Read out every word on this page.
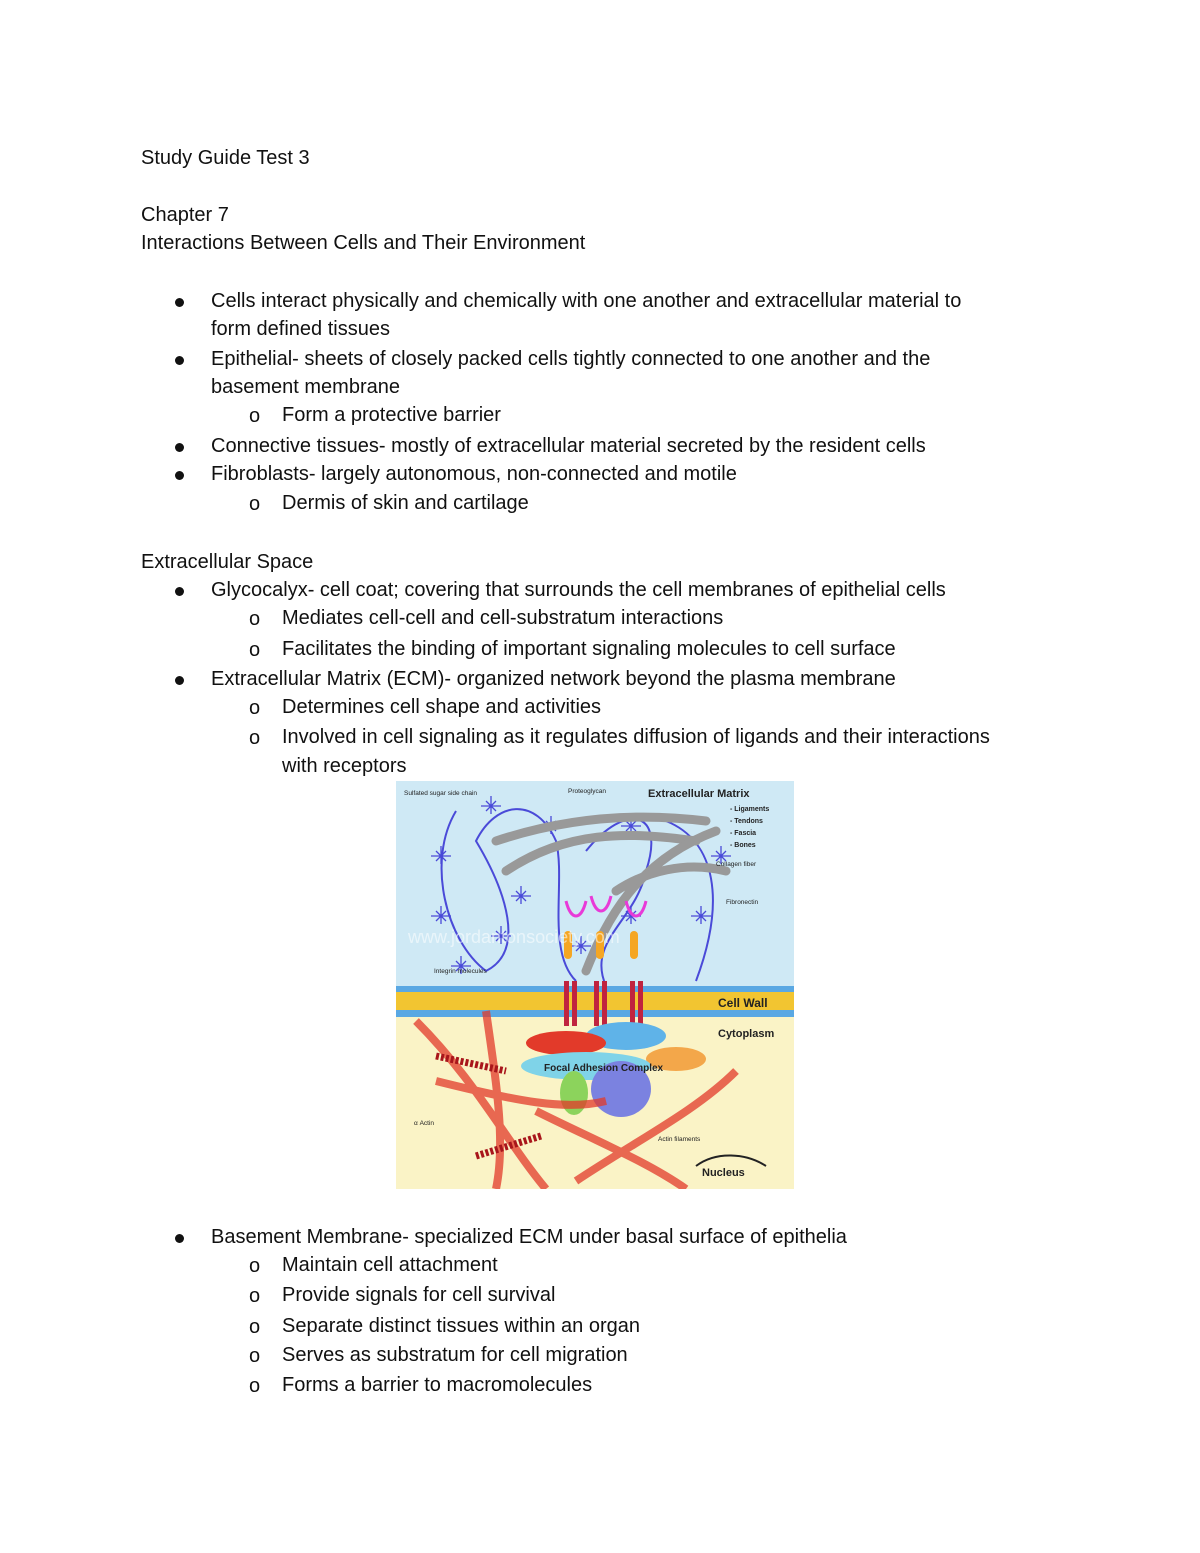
Study Guide Test 3
Chapter 7
Interactions Between Cells and Their Environment
Cells interact physically and chemically with one another and extracellular material to
form defined tissues
Epithelial- sheets of closely packed cells tightly connected to one another and the
basement membrane
o Form a protective barrier
Connective tissues- mostly of extracellular material secreted by the resident cells
Fibroblasts- largely autonomous, non-connected and motile
o Dermis of skin and cartilage
Extracellular Space
Glycocalyx- cell coat; covering that surrounds the cell membranes of epithelial cells
o Mediates cell-cell and cell-substratum interactions
o Facilitates the binding of important signaling molecules to cell surface
Extracellular Matrix (ECM)- organized network beyond the plasma membrane
o Determines cell shape and activities
o Involved in cell signaling as it regulates diffusion of ligands and their interactions
with receptors
Sulfated sugar side chain	Proteoglycan	Extracellular Matrix
- Ligaments
- Tendons
- Fascia
- Bones
Collagen fiber
Fibronectin
Integrin molecules
Cell Wall
Cytoplasm
Focal Adhesion Complex
α Actin
Actin filaments
Nucleus
www.jordantonsociety.com
Basement Membrane- specialized ECM under basal surface of epithelia
o Maintain cell attachment
o Provide signals for cell survival
o Separate distinct tissues within an organ
o Serves as substratum for cell migration
o Forms a barrier to macromolecules
